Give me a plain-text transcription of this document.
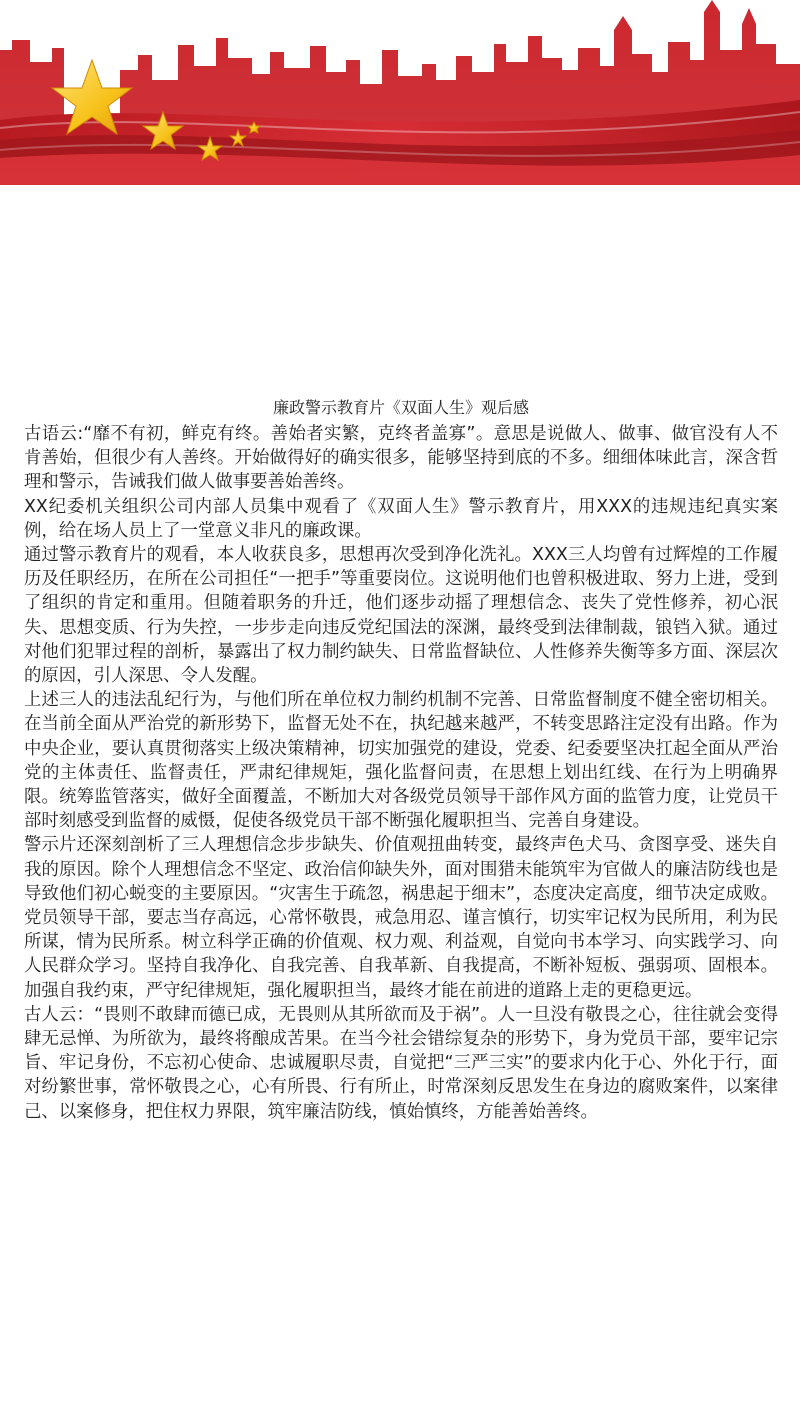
廉政警示教育片《双面人生》观后感

古语云:“靡不有初，鲜克有终。善始者实繁，克终者盖寡”。意思是说做人、做事、做官没有人不肯善始，但很少有人善终。开始做得好的确实很多，能够坚持到底的不多。细细体味此言，深含哲理和警示，告诫我们做人做事要善始善终。

XX纪委机关组织公司内部人员集中观看了《双面人生》警示教育片，用XXX的违规违纪真实案例，给在场人员上了一堂意义非凡的廉政课。

通过警示教育片的观看，本人收获良多，思想再次受到净化洗礼。XXX三人均曾有过辉煌的工作履历及任职经历，在所在公司担任“一把手”等重要岗位。这说明他们也曾积极进取、努力上进，受到了组织的肯定和重用。但随着职务的升迁，他们逐步动摇了理想信念、丧失了党性修养，初心泯失、思想变质、行为失控，一步步走向违反党纪国法的深渊，最终受到法律制裁，锒铛入狱。通过对他们犯罪过程的剖析，暴露出了权力制约缺失、日常监督缺位、人性修养失衡等多方面、深层次的原因，引人深思、令人发醒。

上述三人的违法乱纪行为，与他们所在单位权力制约机制不完善、日常监督制度不健全密切相关。在当前全面从严治党的新形势下，监督无处不在，执纪越来越严，不转变思路注定没有出路。作为中央企业，要认真贯彻落实上级决策精神，切实加强党的建设，党委、纪委要坚决扛起全面从严治党的主体责任、监督责任，严肃纪律规矩，强化监督问责，在思想上划出红线、在行为上明确界限。统筹监管落实，做好全面覆盖，不断加大对各级党员领导干部作风方面的监管力度，让党员干部时刻感受到监督的威慑，促使各级党员干部不断强化履职担当、完善自身建设。

警示片还深刻剖析了三人理想信念步步缺失、价值观扭曲转变，最终声色犬马、贪图享受、迷失自我的原因。除个人理想信念不坚定、政治信仰缺失外，面对围猎未能筑牢为官做人的廉洁防线也是导致他们初心蜕变的主要原因。“灾害生于疏忽，祸患起于细末”，态度决定高度，细节决定成败。党员领导干部，要志当存高远，心常怀敬畏，戒急用忍、谨言慎行，切实牢记权为民所用，利为民所谋，情为民所系。树立科学正确的价值观、权力观、利益观，自觉向书本学习、向实践学习、向人民群众学习。坚持自我净化、自我完善、自我革新、自我提高，不断补短板、强弱项、固根本。加强自我约束，严守纪律规矩，强化履职担当，最终才能在前进的道路上走的更稳更远。

古人云：“畏则不敢肆而德已成，无畏则从其所欲而及于祸”。人一旦没有敬畏之心，往往就会变得肆无忌惮、为所欲为，最终将酿成苦果。在当今社会错综复杂的形势下，身为党员干部，要牢记宗旨、牢记身份，不忘初心使命、忠诚履职尽责，自觉把“三严三实”的要求内化于心、外化于行，面对纷繁世事，常怀敬畏之心，心有所畏、行有所止，时常深刻反思发生在身边的腐败案件，以案律己、以案修身，把住权力界限，筑牢廉洁防线，慎始慎终，方能善始善终。
